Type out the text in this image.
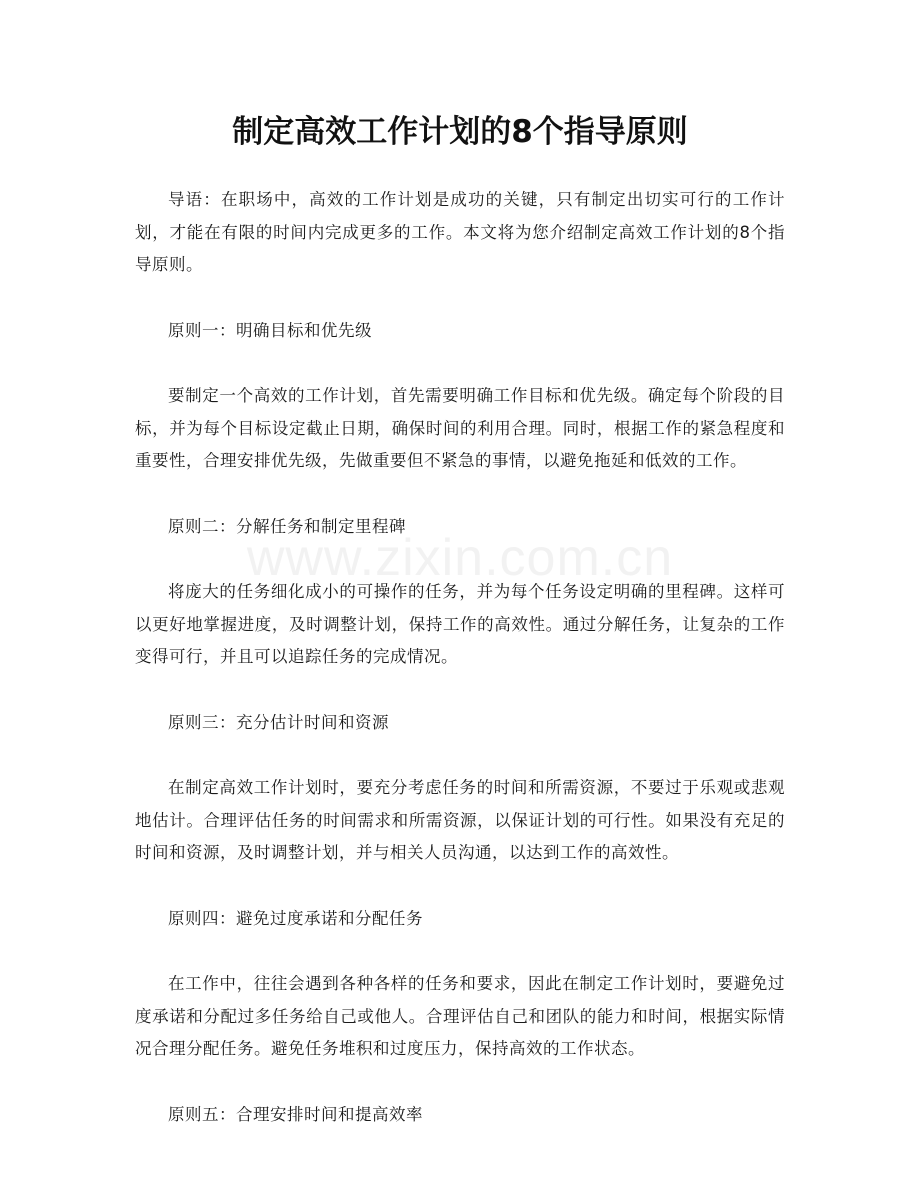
www.zixin.com.cn
制定高效工作计划的8个指导原则

导语：在职场中，高效的工作计划是成功的关键，只有制定出切实可行的工作计划，才能在有限的时间内完成更多的工作。本文将为您介绍制定高效工作计划的8个指导原则。

原则一：明确目标和优先级

要制定一个高效的工作计划，首先需要明确工作目标和优先级。确定每个阶段的目标，并为每个目标设定截止日期，确保时间的利用合理。同时，根据工作的紧急程度和重要性，合理安排优先级，先做重要但不紧急的事情，以避免拖延和低效的工作。

原则二：分解任务和制定里程碑

将庞大的任务细化成小的可操作的任务，并为每个任务设定明确的里程碑。这样可以更好地掌握进度，及时调整计划，保持工作的高效性。通过分解任务，让复杂的工作变得可行，并且可以追踪任务的完成情况。

原则三：充分估计时间和资源

在制定高效工作计划时，要充分考虑任务的时间和所需资源，不要过于乐观或悲观地估计。合理评估任务的时间需求和所需资源，以保证计划的可行性。如果没有充足的时间和资源，及时调整计划，并与相关人员沟通，以达到工作的高效性。

原则四：避免过度承诺和分配任务

在工作中，往往会遇到各种各样的任务和要求，因此在制定工作计划时，要避免过度承诺和分配过多任务给自己或他人。合理评估自己和团队的能力和时间，根据实际情况合理分配任务。避免任务堆积和过度压力，保持高效的工作状态。

原则五：合理安排时间和提高效率
